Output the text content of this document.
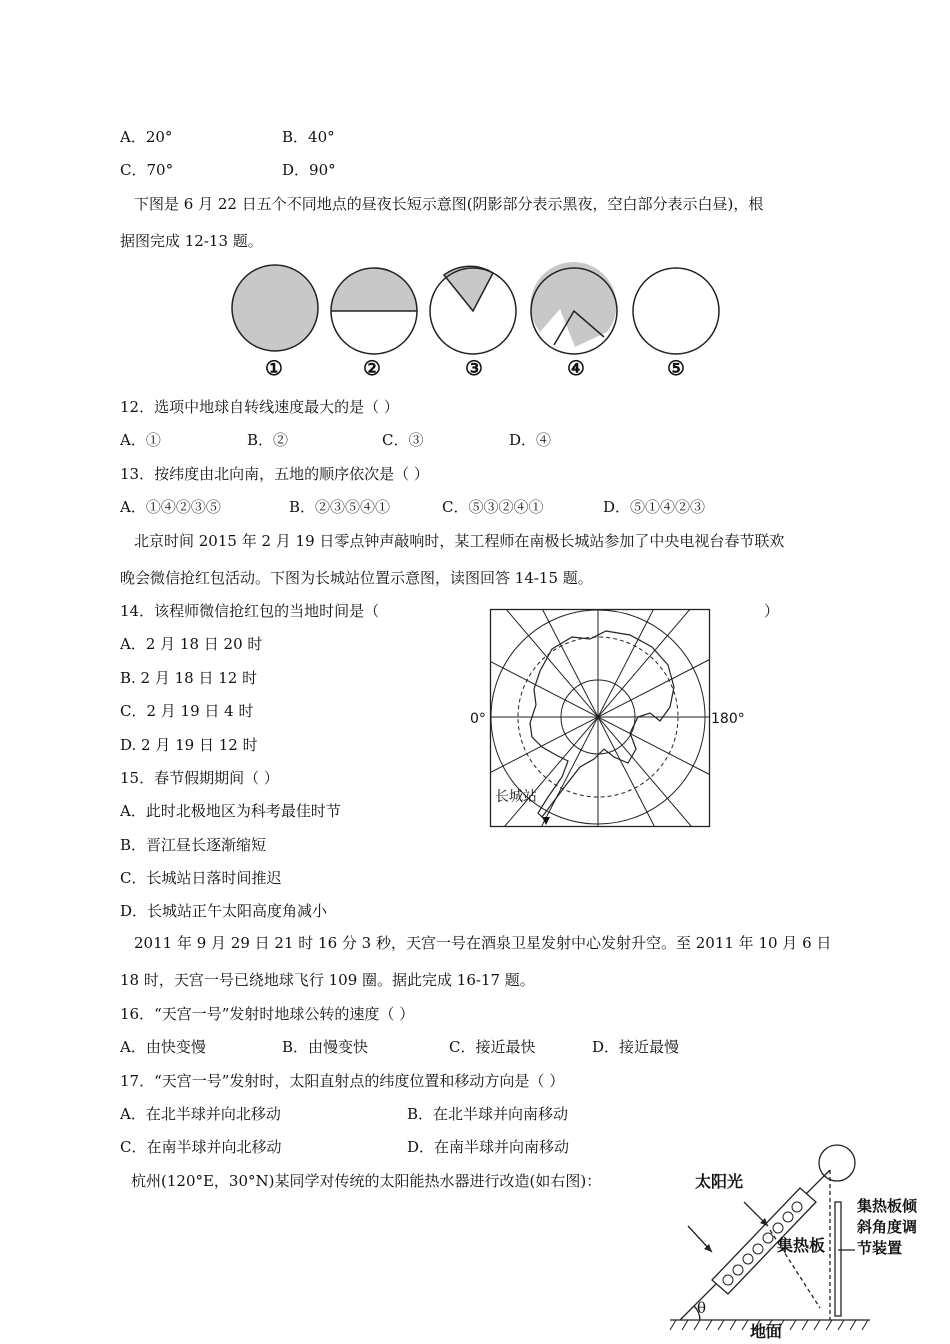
A．20°	B．40°
C．70°	D．90°
下图是 6 月 22 日五个不同地点的昼夜长短示意图(阴影部分表示黑夜，空白部分表示白昼)，根
据图完成 12-13 题。
①	②	③	④	⑤
12．选项中地球自转线速度最大的是（ ）
A．①	B．②	C．③	D．④
13．按纬度由北向南，五地的顺序依次是（ ）
A．①④②③⑤	B．②③⑤④①	C．⑤③②④①	D．⑤①④②③
北京时间 2015 年 2 月 19 日零点钟声敲响时，某工程师在南极长城站参加了中央电视台春节联欢
晚会微信抢红包活动。下图为长城站位置示意图，读图回答 14-15 题。
14．该程师微信抢红包的当地时间是（	）
A．2 月 18 日 20 时
B. 2 月 18 日 12 时
C．2 月 19 日 4 时
D. 2 月 19 日 12 时
15．春节假期期间（ ）
A．此时北极地区为科考最佳时节
B．晋江昼长逐渐缩短
C．长城站日落时间推迟
D．长城站正午太阳高度角减小
0°	180°
长城站
2011 年 9 月 29 日 21 时 16 分 3 秒，天宫一号在酒泉卫星发射中心发射升空。至 2011 年 10 月 6 日
18 时，天宫一号已绕地球飞行 109 圈。据此完成 16-17 题。
16．“天宫一号”发射时地球公转的速度（ ）
A．由快变慢	B．由慢变快	C．接近最快	D．接近最慢
17．“天宫一号”发射时，太阳直射点的纬度位置和移动方向是（ ）
A．在北半球并向北移动	B．在北半球并向南移动
C．在南半球并向北移动	D．在南半球并向南移动
杭州(120°E，30°N)某同学对传统的太阳能热水器进行改造(如右图)：	太阳光
集热板
集热板倾
斜角度调
节装置
θ
地面
